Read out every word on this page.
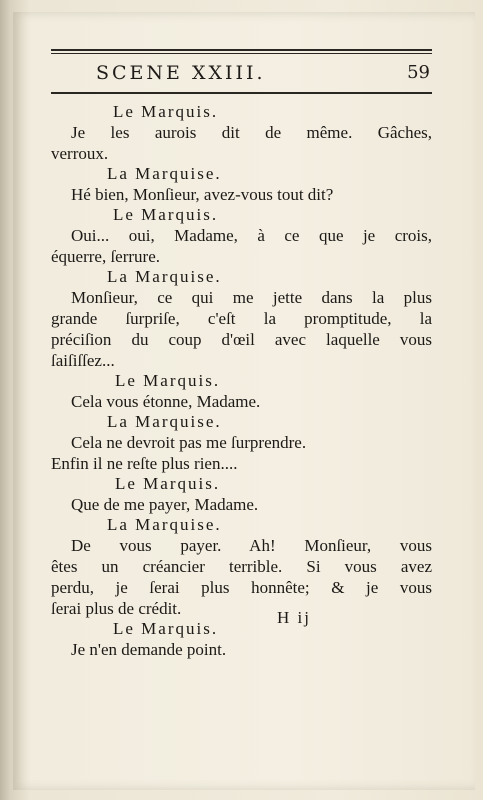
SCENE XXIII.	59
Le Marquis.
Je les aurois dit de même. Gâches,
verroux.
La Marquise.
Hé bien, Monſieur, avez-vous tout dit?
Le Marquis.
Oui... oui, Madame, à ce que je crois,
équerre, ſerrure.
La Marquise.
Monſieur, ce qui me jette dans la plus
grande ſurpriſe, c'eſt la promptitude, la
préciſion du coup d'œil avec laquelle vous
ſaiſiſſez...
Le Marquis.
Cela vous étonne, Madame.
La Marquise.
Cela ne devroit pas me ſurprendre.
Enfin il ne reſte plus rien....
Le Marquis.
Que de me payer, Madame.
La Marquise.
De vous payer. Ah! Monſieur, vous
êtes un créancier terrible. Si vous avez
perdu, je ſerai plus honnête; & je vous
ſerai plus de crédit.
Le Marquis.
Je n'en demande point.
H ij
